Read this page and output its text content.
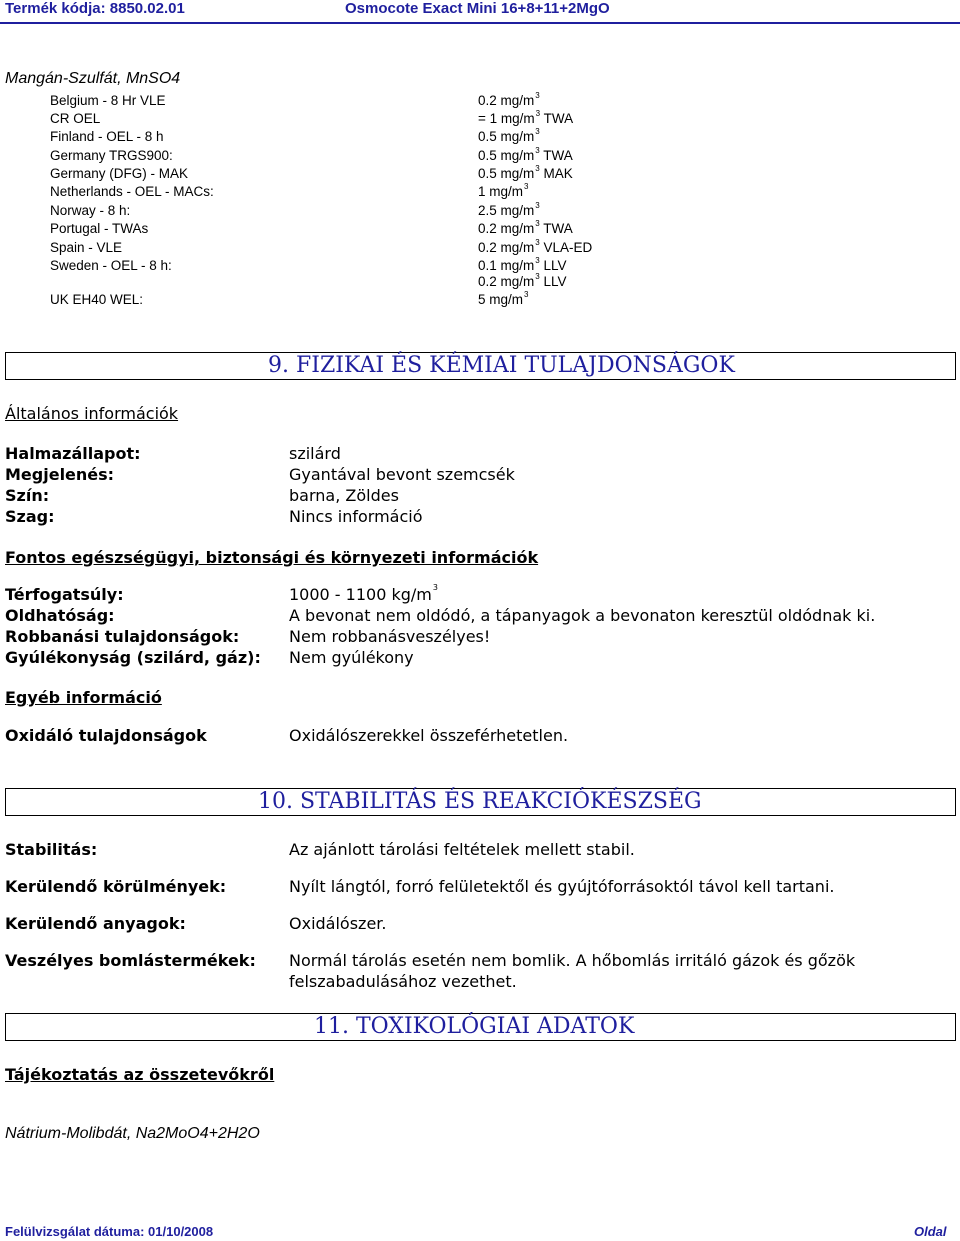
Termék kódja: 8850.02.01	Osmocote Exact Mini 16+8+11+2MgO
Mangán-Szulfát, MnSO4
Belgium - 8 Hr VLE	0.2 $mg/m^3$
CR OEL	= 1 $mg/m^3$ TWA
Finland - OEL - 8 h	0.5 $mg/m^3$
Germany TRGS900:	0.5 $mg/m^3$ TWA
Germany (DFG) - MAK	0.5 $mg/m^3$ MAK
Netherlands - OEL - MACs:	1 $mg/m^3$
Norway - 8 h:	2.5 $mg/m^3$
Portugal - TWAs	0.2 $mg/m^3$ TWA
Spain - VLE	0.2 $mg/m^3$ VLA-ED
Sweden - OEL - 8 h:	0.1 $mg/m^3$ LLV
0.2 $mg/m^3$ LLV
UK EH40 WEL:	5 $mg/m^3$
9. FIZIKAI ÉS KÉMIAI TULAJDONSÁGOK
Általános információk
Halmazállapot:	szilárd
Megjelenés:	Gyantával bevont szemcsék
Szín:	barna, Zöldes
Szag:	Nincs információ
Fontos egészségügyi, biztonsági és környezeti információk
Térfogatsúly:	1000 - 1100 $kg/m^3$
Oldhatóság:	A bevonat nem oldódó, a tápanyagok a bevonaton keresztül oldódnak ki.
Robbanási tulajdonságok:	Nem robbanásveszélyes!
Gyúlékonyság (szilárd, gáz): Nem gyúlékony
Egyéb információ
Oxidáló tulajdonságok	Oxidálószerekkel összeférhetetlen.
10. STABILITÁS ÉS REAKCIÓKÉSZSÉG
Stabilitás:	Az ajánlott tárolási feltételek mellett stabil.
Kerülendő körülmények:	Nyílt lángtól, forró felületektől és gyújtóforrásoktól távol kell tartani.
Kerülendő anyagok:	Oxidálószer.
Veszélyes bomlástermékek: Normál tárolás esetén nem bomlik. A hőbomlás irritáló gázok és gőzök
felszabadulásához vezethet.
11. TOXIKOLÓGIAI ADATOK
Tájékoztatás az összetevőkről
Nátrium-Molibdát, Na2MoO4+2H2O
Felülvizsgálat dátuma: 01/10/2008	Oldal
